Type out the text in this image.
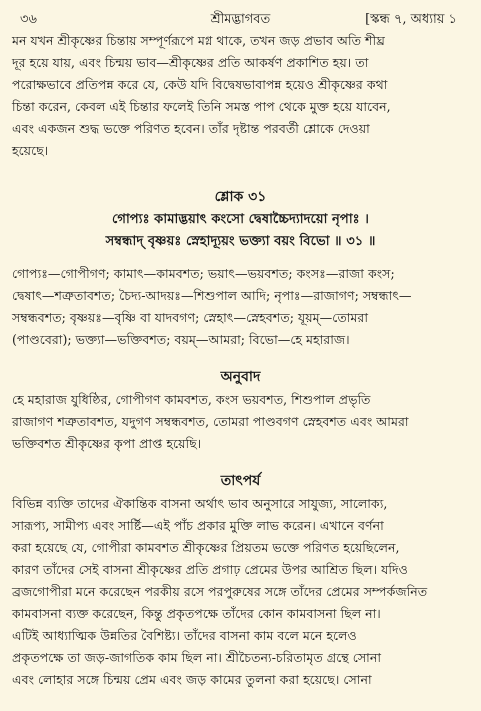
৩৬	শ্রীমদ্ভাগবত	[স্কন্ধ ৭, অধ্যায় ১

মন যখন শ্রীকৃষ্ণের চিন্তায় সম্পূর্ণরূপে মগ্ন থাকে, তখন জড় প্রভাব অতি শীঘ্র

দূর হয়ে যায়, এবং চিন্ময় ভাব—শ্রীকৃষ্ণের প্রতি আকর্ষণ প্রকাশিত হয়। তা

পরোক্ষভাবে প্রতিপন্ন করে যে, কেউ যদি বিদ্বেষভাবাপন্ন হয়েও শ্রীকৃষ্ণের কথা

চিন্তা করেন, কেবল এই চিন্তার ফলেই তিনি সমস্ত পাপ থেকে মুক্ত হয়ে যাবেন,

এবং একজন শুদ্ধ ভক্তে পরিণত হবেন। তাঁর দৃষ্টান্ত পরবর্তী শ্লোকে দেওয়া

হয়েছে।

শ্লোক ৩১

গোপ্যঃ কামাদ্ভয়াৎ কংসো দ্বেষাচ্চৈদ্যাদয়ো নৃপাঃ ।

সম্বন্ধাদ্ বৃষ্ণয়ঃ স্নেহাদ্যূয়ং ভক্ত্যা বয়ং বিভো ॥ ৩১ ॥

গোপ্যঃ—গোপীগণ; কামাৎ—কামবশত; ভয়াৎ—ভয়বশত; কংসঃ—রাজা কংস;

দ্বেষাৎ—শত্রুতাবশত; চৈদ্য-আদয়ঃ—শিশুপাল আদি; নৃপাঃ—রাজাগণ; সম্বন্ধাৎ—

সম্বন্ধবশত; বৃষ্ণয়ঃ—বৃষ্ণি বা যাদবগণ; স্নেহাৎ—স্নেহবশত; যূয়ম্—তোমরা

(পাণ্ডবেরা); ভক্ত্যা—ভক্তিবশত; বয়ম্—আমরা; বিভো—হে মহারাজ।

অনুবাদ

হে মহারাজ যুধিষ্ঠির, গোপীগণ কামবশত, কংস ভয়বশত, শিশুপাল প্রভৃতি

রাজাগণ শত্রুতাবশত, যদুগণ সম্বন্ধবশত, তোমরা পাণ্ডবগণ স্নেহবশত এবং আমরা

ভক্তিবশত শ্রীকৃষ্ণের কৃপা প্রাপ্ত হয়েছি।

তাৎপর্য

বিভিন্ন ব্যক্তি তাদের ঐকান্তিক বাসনা অর্থাৎ ভাব অনুসারে সাযুজ্য, সালোক্য,

সারূপ্য, সামীপ্য এবং সার্ষ্টি—এই পাঁচ প্রকার মুক্তি লাভ করেন। এখানে বর্ণনা

করা হয়েছে যে, গোপীরা কামবশত শ্রীকৃষ্ণের প্রিয়তম ভক্তে পরিণত হয়েছিলেন,

কারণ তাঁদের সেই বাসনা শ্রীকৃষ্ণের প্রতি প্রগাঢ় প্রেমের উপর আশ্রিত ছিল। যদিও

ব্রজগোপীরা মনে করেছেন পরকীয় রসে পরপুরুষের সঙ্গে তাঁদের প্রেমের সম্পর্কজনিত

কামবাসনা ব্যক্ত করেছেন, কিন্তু প্রকৃতপক্ষে তাঁদের কোন কামবাসনা ছিল না।

এটিই আধ্যাত্মিক উন্নতির বৈশিষ্ট্য। তাঁদের বাসনা কাম বলে মনে হলেও

প্রকৃতপক্ষে তা জড়-জাগতিক কাম ছিল না। শ্রীচৈতন্য-চরিতামৃত গ্রন্থে সোনা

এবং লোহার সঙ্গে চিন্ময় প্রেম এবং জড় কামের তুলনা করা হয়েছে। সোনা
